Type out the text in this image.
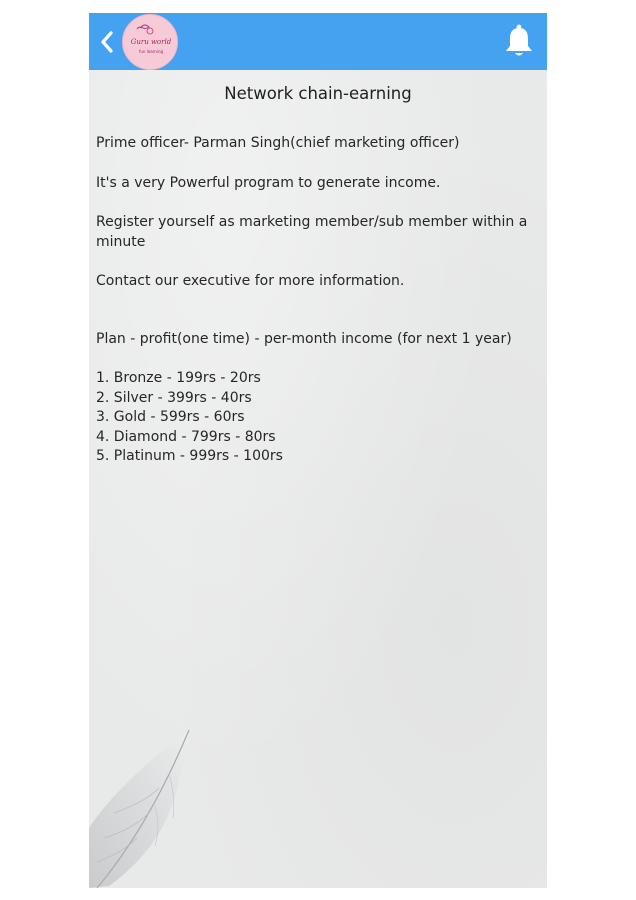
Guru world
fun learning
Network chain-earning
Prime officer- Parman Singh(chief marketing officer)
It's a very Powerful program to generate income.
Register yourself as marketing member/sub member within a minute
Contact our executive for more information.
Plan - profit(one time) - per-month income (for next 1 year)
1. Bronze - 199rs - 20rs
2. Silver - 399rs - 40rs
3. Gold - 599rs - 60rs
4. Diamond - 799rs - 80rs
5. Platinum - 999rs - 100rs
